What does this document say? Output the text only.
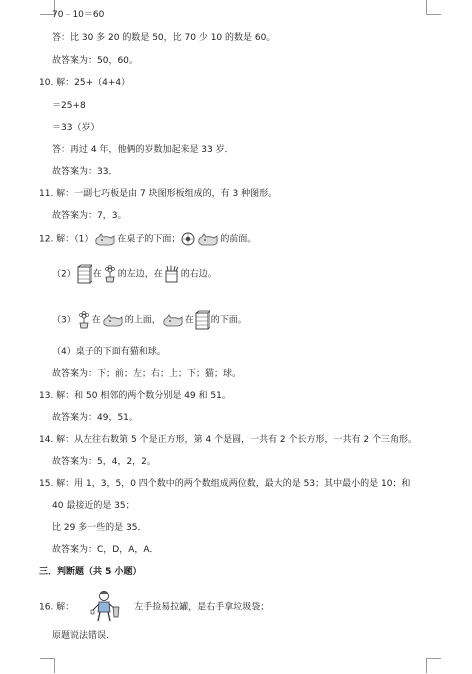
70﹣10＝60
答：比 30 多 20 的数是 50，比 70 少 10 的数是 60。
故答案为：50，60。
10. 解：25+（4+4）
＝25+8
＝33（岁）
答：再过 4 年，他俩的岁数加起来是 33 岁．
故答案为：33．
11. 解：一副七巧板是由 7 块图形板组成的，有 3 种图形。
故答案为：7，3。
12. 解：（1）	在桌子的下面；	的前面。
（2） 在 的左边，在 的右边。
（3） 在	的上面，	在 的下面。
（4）桌子的下面有猫和球。
故答案为：下；前；左；右；上；下；猫；球。
13. 解：和 50 相邻的两个数分别是 49 和 51。
故答案为：49，51。
14. 解：从左往右数第 5 个是正方形，第 4 个是圆，一共有 2 个长方形，一共有 2 个三角形。
故答案为：5，4，2，2。
15. 解：用 1，3，5，0 四个数中的两个数组成两位数，最大的是 53；其中最小的是 10；和
40 最接近的是 35；
比 29 多一些的是 35．
故答案为：C，D，A，A．
三．判断题（共 5 小题）
16. 解：	左手捡易拉罐，是右手拿垃圾袋；
原题说法错误．
